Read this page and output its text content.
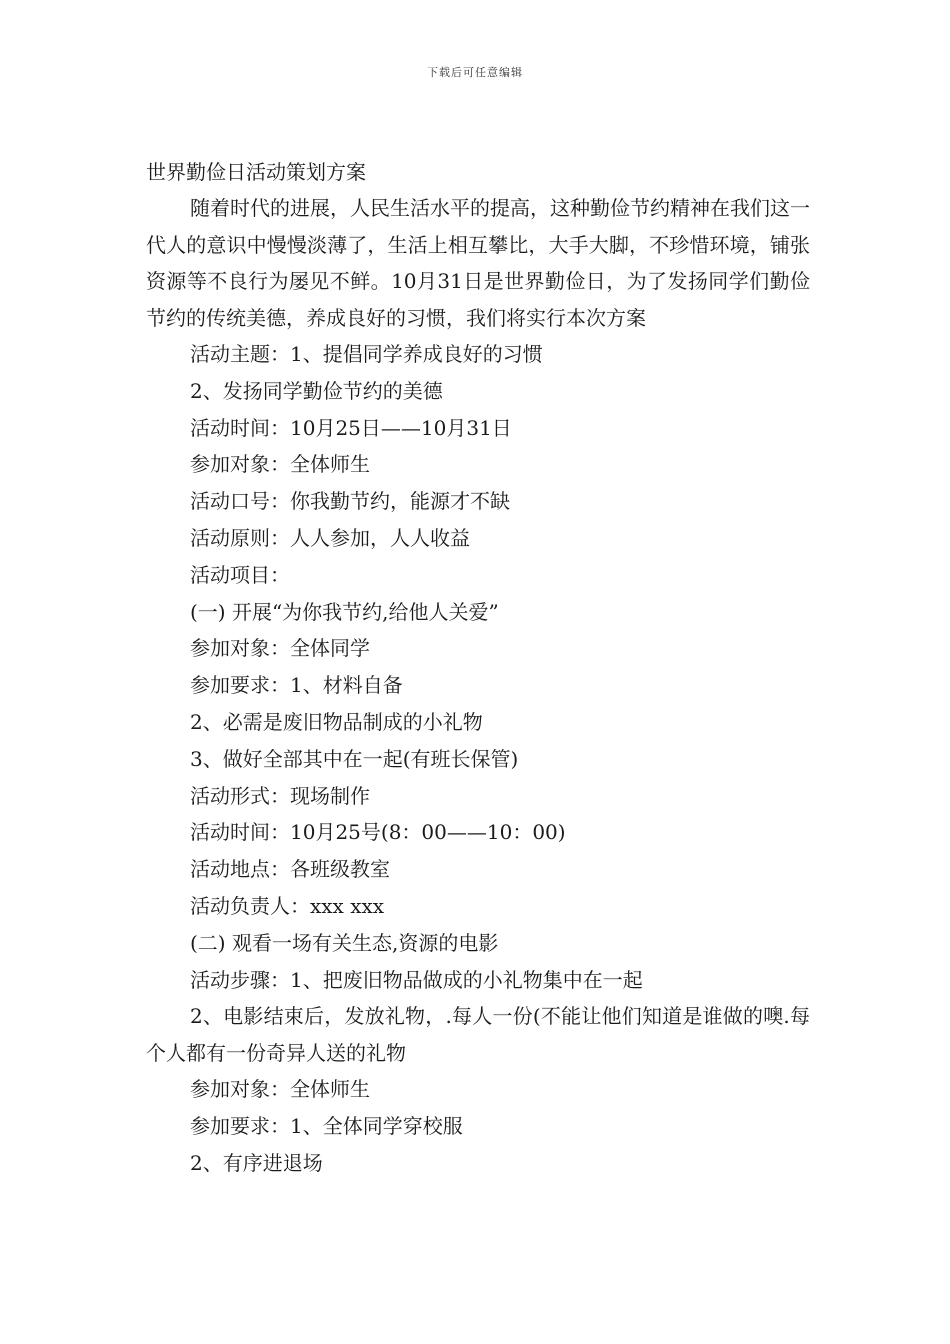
下载后可任意编辑
世界勤俭日活动策划方案

随着时代的进展，人民生活水平的提高，这种勤俭节约精神在我们这一代人的意识中慢慢淡薄了，生活上相互攀比，大手大脚，不珍惜环境，铺张资源等不良行为屡见不鲜。10月31日是世界勤俭日，为了发扬同学们勤俭节约的传统美德，养成良好的习惯，我们将实行本次方案

活动主题：1、提倡同学养成良好的习惯

2、发扬同学勤俭节约的美德

活动时间：10月25日——10月31日

参加对象：全体师生

活动口号：你我勤节约，能源才不缺

活动原则：人人参加，人人收益

活动项目：

(一) 开展“为你我节约,给他人关爱”

参加对象：全体同学

参加要求：1、材料自备

2、必需是废旧物品制成的小礼物

3、做好全部其中在一起(有班长保管)

活动形式：现场制作

活动时间：10月25号(8：00——10：00)

活动地点：各班级教室

活动负责人：xxx xxx

(二) 观看一场有关生态,资源的电影

活动步骤：1、把废旧物品做成的小礼物集中在一起

2、电影结束后，发放礼物，.每人一份(不能让他们知道是谁做的噢.每个人都有一份奇异人送的礼物

参加对象：全体师生

参加要求：1、全体同学穿校服

2、有序进退场
